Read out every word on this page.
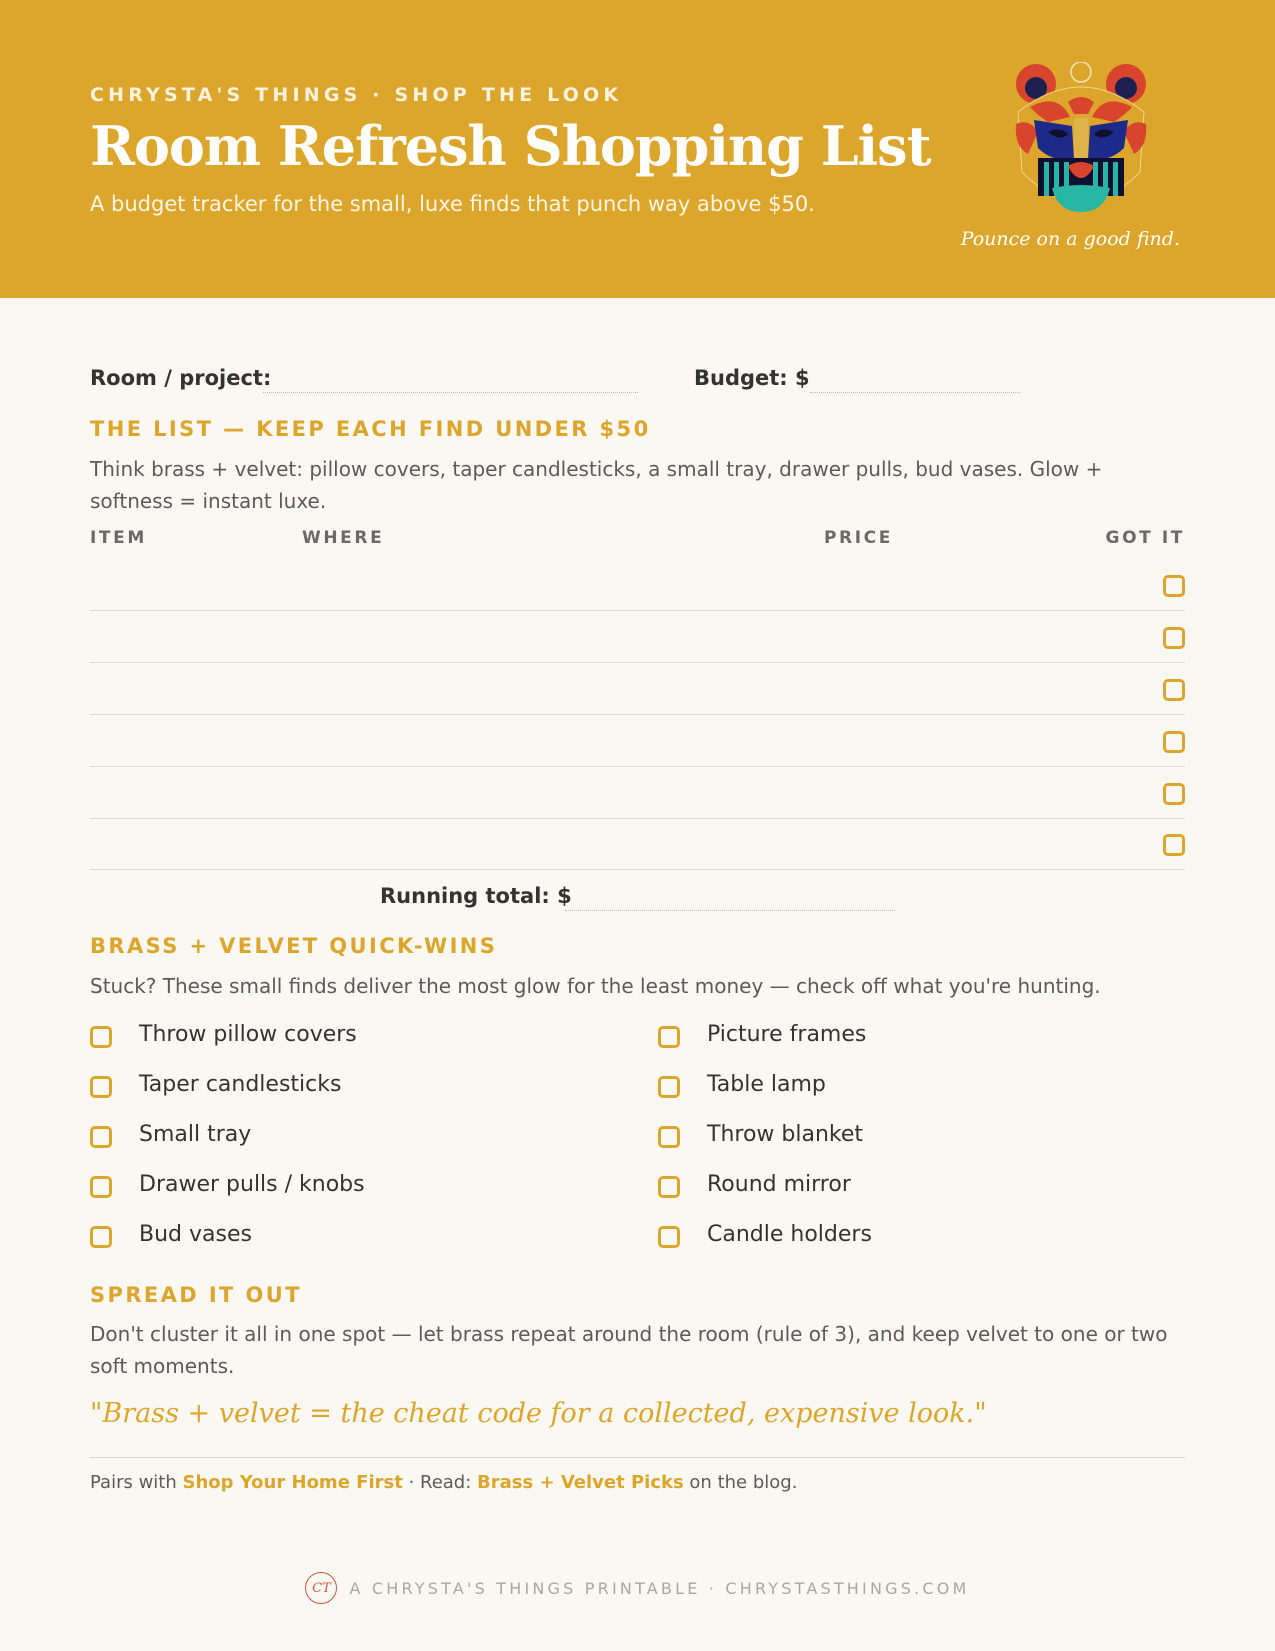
CHRYSTA'S THINGS · SHOP THE LOOK
Room Refresh Shopping List
A budget tracker for the small, luxe finds that punch way above $50.
Pounce on a good find.
Room / project:	Budget: $
THE LIST — KEEP EACH FIND UNDER $50
Think brass + velvet: pillow covers, taper candlesticks, a small tray, drawer pulls, bud vases. Glow + softness = instant luxe.
ITEM	WHERE	PRICE	GOT IT
Running total: $
BRASS + VELVET QUICK-WINS
Stuck? These small finds deliver the most glow for the least money — check off what you're hunting.
Throw pillow covers
Taper candlesticks
Small tray
Drawer pulls / knobs
Bud vases
Picture frames
Table lamp
Throw blanket
Round mirror
Candle holders
SPREAD IT OUT
Don't cluster it all in one spot — let brass repeat around the room (rule of 3), and keep velvet to one or two soft moments.
"Brass + velvet = the cheat code for a collected, expensive look."
Pairs with Shop Your Home First · Read: Brass + Velvet Picks on the blog.
CT	A CHRYSTA'S THINGS PRINTABLE · CHRYSTASTHINGS.COM
